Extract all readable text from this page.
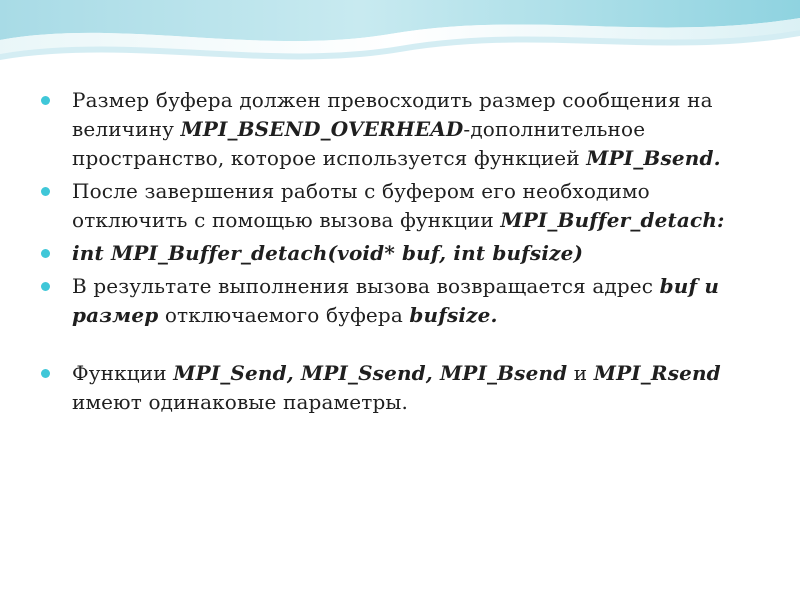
Размер буфера должен превосходить размер сообщения на величину MPI_BSEND_OVERHEAD-дополнительное пространство, которое используется функцией MPI_Bsend.
После завершения работы с буфером его необходимо отключить с помощью вызова функции MPI_Buffer_detach:
int MPI_Buffer_detach(void* buf, int bufsize)
В результате выполнения вызова возвращается адрес buf и размер отключаемого буфера bufsize.
Функции MPI_Send, MPI_Ssend, MPI_Bsend и MPI_Rsend имеют одинаковые параметры.
